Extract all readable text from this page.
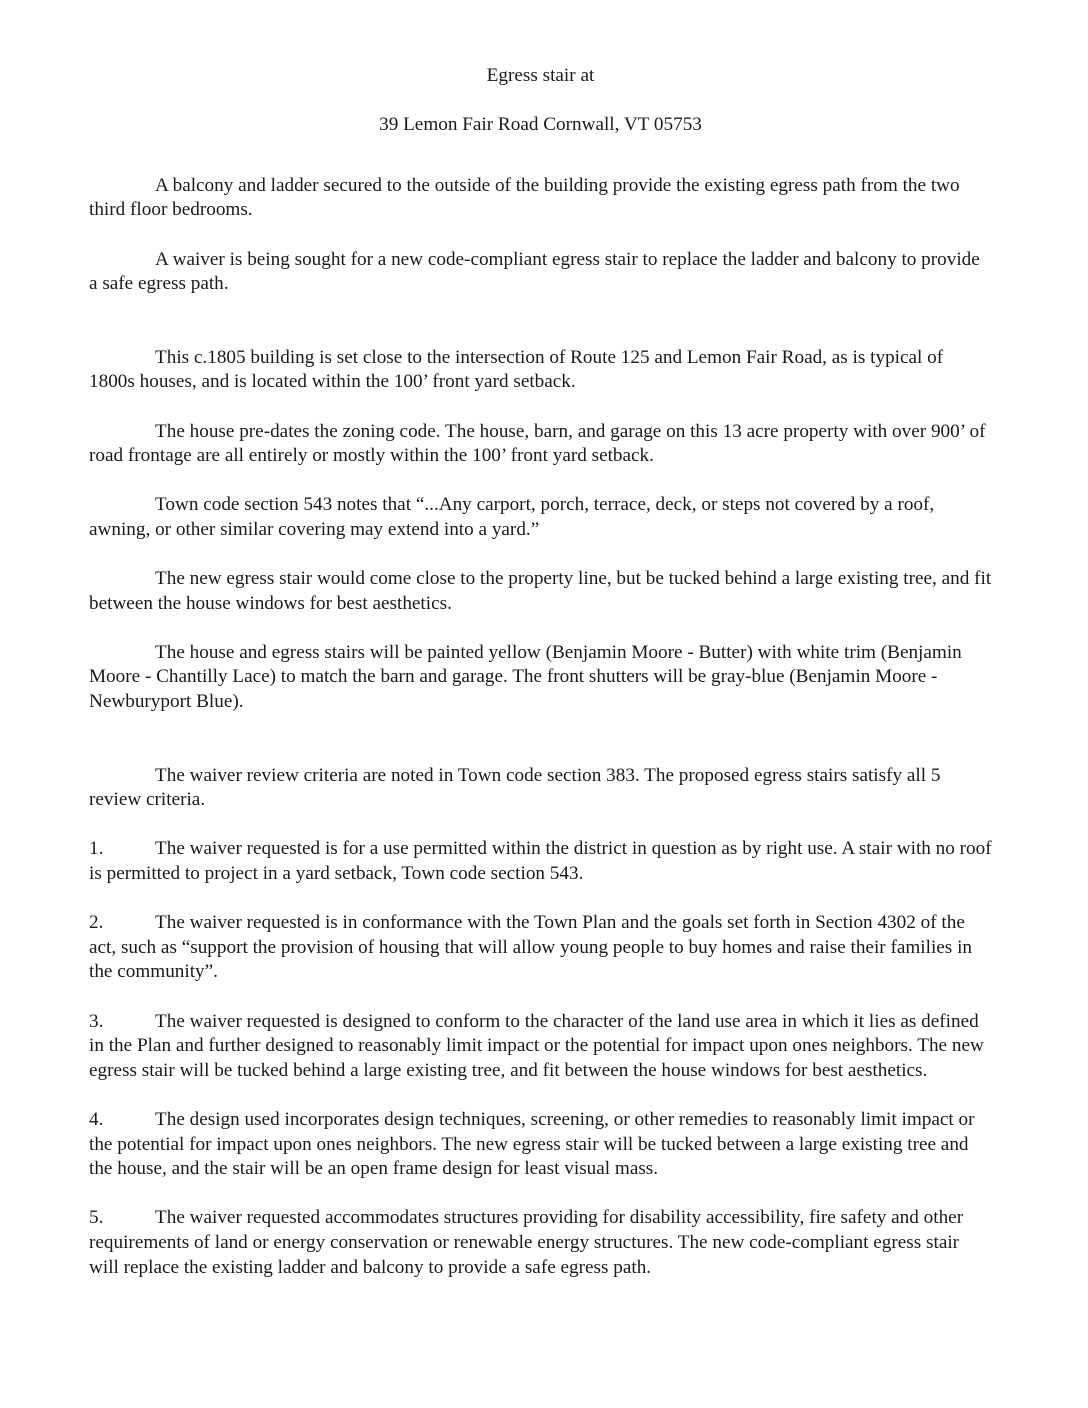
Egress stair at

39 Lemon Fair Road Cornwall, VT 05753

A balcony and ladder secured to the outside of the building provide the existing egress path from the two third floor bedrooms.

A waiver is being sought for a new code-compliant egress stair to replace the ladder and balcony to provide a safe egress path.

This c.1805 building is set close to the intersection of Route 125 and Lemon Fair Road, as is typical of 1800s houses, and is located within the 100’ front yard setback.

The house pre-dates the zoning code. The house, barn, and garage on this 13 acre property with over 900’ of road frontage are all entirely or mostly within the 100’ front yard setback.

Town code section 543 notes that “...Any carport, porch, terrace, deck, or steps not covered by a roof, awning, or other similar covering may extend into a yard.”

The new egress stair would come close to the property line, but be tucked behind a large existing tree, and fit between the house windows for best aesthetics.

The house and egress stairs will be painted yellow (Benjamin Moore - Butter) with white trim (Benjamin Moore - Chantilly Lace) to match the barn and garage. The front shutters will be gray-blue (Benjamin Moore - Newburyport Blue).

The waiver review criteria are noted in Town code section 383. The proposed egress stairs satisfy all 5 review criteria.

1.	The waiver requested is for a use permitted within the district in question as by right use. A stair with no roof is permitted to project in a yard setback, Town code section 543.

2.	The waiver requested is in conformance with the Town Plan and the goals set forth in Section 4302 of the act, such as “support the provision of housing that will allow young people to buy homes and raise their families in the community”.

3.	The waiver requested is designed to conform to the character of the land use area in which it lies as defined in the Plan and further designed to reasonably limit impact or the potential for impact upon ones neighbors. The new egress stair will be tucked behind a large existing tree, and fit between the house windows for best aesthetics.

4.	The design used incorporates design techniques, screening, or other remedies to reasonably limit impact or the potential for impact upon ones neighbors. The new egress stair will be tucked between a large existing tree and the house, and the stair will be an open frame design for least visual mass.

5.	The waiver requested accommodates structures providing for disability accessibility, fire safety and other requirements of land or energy conservation or renewable energy structures. The new code-compliant egress stair will replace the existing ladder and balcony to provide a safe egress path.
